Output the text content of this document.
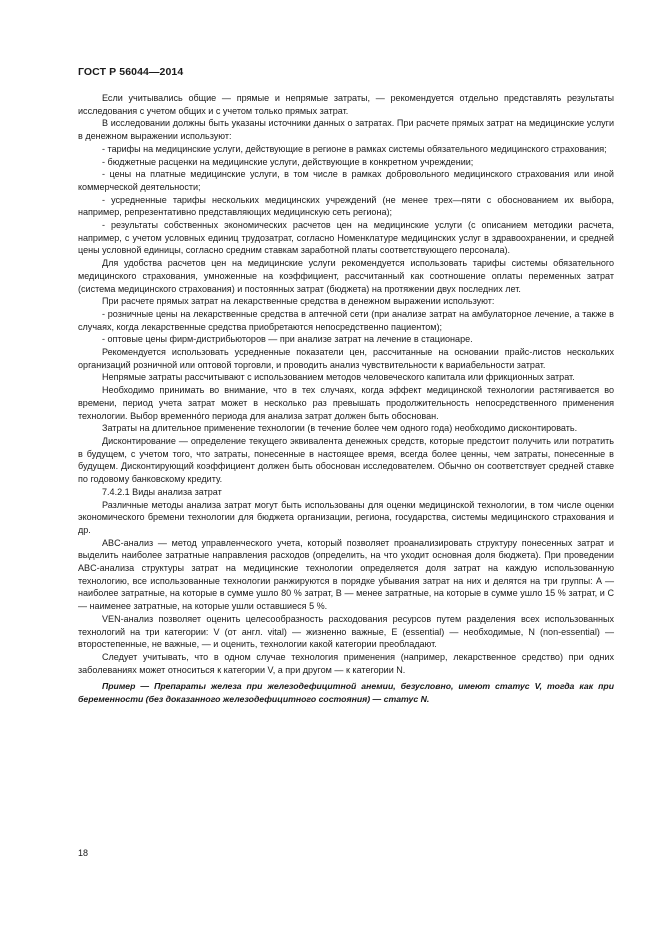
ГОСТ Р 56044—2014

Если учитывались общие — прямые и непрямые затраты, — рекомендуется отдельно представлять результаты исследования с учетом общих и с учетом только прямых затрат.

В исследовании должны быть указаны источники данных о затратах. При расчете прямых затрат на медицинские услуги в денежном выражении используют:

- тарифы на медицинские услуги, действующие в регионе в рамках системы обязательного медицинского страхования;

- бюджетные расценки на медицинские услуги, действующие в конкретном учреждении;

- цены на платные медицинские услуги, в том числе в рамках добровольного медицинского страхования или иной коммерческой деятельности;

- усредненные тарифы нескольких медицинских учреждений (не менее трех—пяти с обоснованием их выбора, например, репрезентативно представляющих медицинскую сеть региона);

- результаты собственных экономических расчетов цен на медицинские услуги (с описанием методики расчета, например, с учетом условных единиц трудозатрат, согласно Номенклатуре медицинских услуг в здравоохранении, и средней цены условной единицы, согласно средним ставкам заработной платы соответствующего персонала).

Для удобства расчетов цен на медицинские услуги рекомендуется использовать тарифы системы обязательного медицинского страхования, умноженные на коэффициент, рассчитанный как соотношение оплаты переменных затрат (система медицинского страхования) и постоянных затрат (бюджета) на протяжении двух последних лет.

При расчете прямых затрат на лекарственные средства в денежном выражении используют:

- розничные цены на лекарственные средства в аптечной сети (при анализе затрат на амбулаторное лечение, а также в случаях, когда лекарственные средства приобретаются непосредственно пациентом);

- оптовые цены фирм-дистрибьюторов — при анализе затрат на лечение в стационаре.

Рекомендуется использовать усредненные показатели цен, рассчитанные на основании прайс-листов нескольких организаций розничной или оптовой торговли, и проводить анализ чувствительности к вариабельности затрат.

Непрямые затраты рассчитывают с использованием методов человеческого капитала или фрикционных затрат.

Необходимо принимать во внимание, что в тех случаях, когда эффект медицинской технологии растягивается во времени, период учета затрат может в несколько раз превышать продолжительность непосредственного применения технологии. Выбор временно́го периода для анализа затрат должен быть обоснован.

Затраты на длительное применение технологии (в течение более чем одного года) необходимо дисконтировать.

Дисконтирование — определение текущего эквивалента денежных средств, которые предстоит получить или потратить в будущем, с учетом того, что затраты, понесенные в настоящее время, всегда более ценны, чем затраты, понесенные в будущем. Дисконтирующий коэффициент должен быть обоснован исследователем. Обычно он соответствует средней ставке по годовому банковскому кредиту.

7.4.2.1 Виды анализа затрат

Различные методы анализа затрат могут быть использованы для оценки медицинской технологии, в том числе оценки экономического бремени технологии для бюджета организации, региона, государства, системы медицинского страхования и др.

ABC-анализ — метод управленческого учета, который позволяет проанализировать структуру понесенных затрат и выделить наиболее затратные направления расходов (определить, на что уходит основная доля бюджета). При проведении ABC-анализа структуры затрат на медицинские технологии определяется доля затрат на каждую использованную технологию, все использованные технологии ранжируются в порядке убывания затрат на них и делятся на три группы: A — наиболее затратные, на которые в сумме ушло 80 % затрат, B — менее затратные, на которые в сумме ушло 15 % затрат, и C — наименее затратные, на которые ушли оставшиеся 5 %.

VEN-анализ позволяет оценить целесообразность расходования ресурсов путем разделения всех использованных технологий на три категории: V (от англ. vital) — жизненно важные, E (essential) — необходимые, N (non-essential) — второстепенные, не важные, — и оценить, технологии какой категории преобладают.

Следует учитывать, что в одном случае технология применения (например, лекарственное средство) при одних заболеваниях может относиться к категории V, а при другом — к категории N.

Пример — Препараты железа при железодефицитной анемии, безусловно, имеют статус V, тогда как при беременности (без доказанного железодефицитного состояния) — статус N.

18
